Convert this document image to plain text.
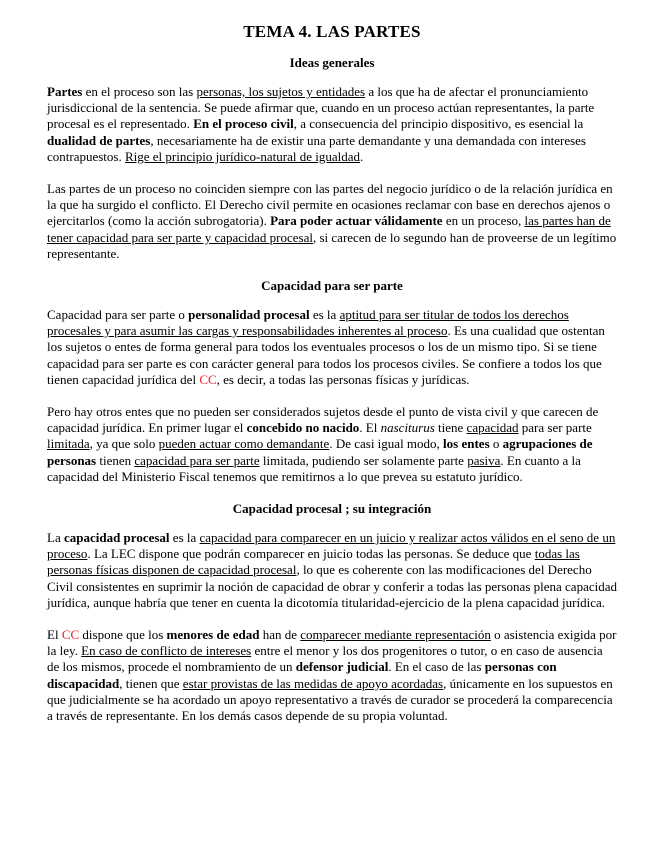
TEMA 4. LAS PARTES
Ideas generales

Partes en el proceso son las personas, los sujetos y entidades a los que ha de afectar el pronunciamiento jurisdiccional de la sentencia. Se puede afirmar que, cuando en un proceso actúan representantes, la parte procesal es el representado. En el proceso civil, a consecuencia del principio dispositivo, es esencial la dualidad de partes, necesariamente ha de existir una parte demandante y una demandada con intereses contrapuestos. Rige el principio jurídico-natural de igualdad.

Las partes de un proceso no coinciden siempre con las partes del negocio jurídico o de la relación jurídica en la que ha surgido el conflicto. El Derecho civil permite en ocasiones reclamar con base en derechos ajenos o ejercitarlos (como la acción subrogatoria). Para poder actuar válidamente en un proceso, las partes han de tener capacidad para ser parte y capacidad procesal, si carecen de lo segundo han de proveerse de un legítimo representante.

Capacidad para ser parte

Capacidad para ser parte o personalidad procesal es la aptitud para ser titular de todos los derechos procesales y para asumir las cargas y responsabilidades inherentes al proceso. Es una cualidad que ostentan los sujetos o entes de forma general para todos los eventuales procesos o los de un mismo tipo. Si se tiene capacidad para ser parte es con carácter general para todos los procesos civiles. Se confiere a todos los que tienen capacidad jurídica del CC, es decir, a todas las personas físicas y jurídicas.

Pero hay otros entes que no pueden ser considerados sujetos desde el punto de vista civil y que carecen de capacidad jurídica. En primer lugar el concebido no nacido. El nasciturus tiene capacidad para ser parte limitada, ya que solo pueden actuar como demandante. De casi igual modo, los entes o agrupaciones de personas tienen capacidad para ser parte limitada, pudiendo ser solamente parte pasiva. En cuanto a la capacidad del Ministerio Fiscal tenemos que remitirnos a lo que prevea su estatuto jurídico.

Capacidad procesal ; su integración

La capacidad procesal es la capacidad para comparecer en un juicio y realizar actos válidos en el seno de un proceso. La LEC dispone que podrán comparecer en juicio todas las personas. Se deduce que todas las personas físicas disponen de capacidad procesal, lo que es coherente con las modificaciones del Derecho Civil consistentes en suprimir la noción de capacidad de obrar y conferir a todas las personas plena capacidad jurídica, aunque habría que tener en cuenta la dicotomía titularidad-ejercicio de la plena capacidad jurídica.

El CC dispone que los menores de edad han de comparecer mediante representación o asistencia exigida por la ley. En caso de conflicto de intereses entre el menor y los dos progenitores o tutor, o en caso de ausencia de los mismos, procede el nombramiento de un defensor judicial. En el caso de las personas con discapacidad, tienen que estar provistas de las medidas de apoyo acordadas, únicamente en los supuestos en que judicialmente se ha acordado un apoyo representativo a través de curador se procederá la comparecencia a través de representante. En los demás casos depende de su propia voluntad.
